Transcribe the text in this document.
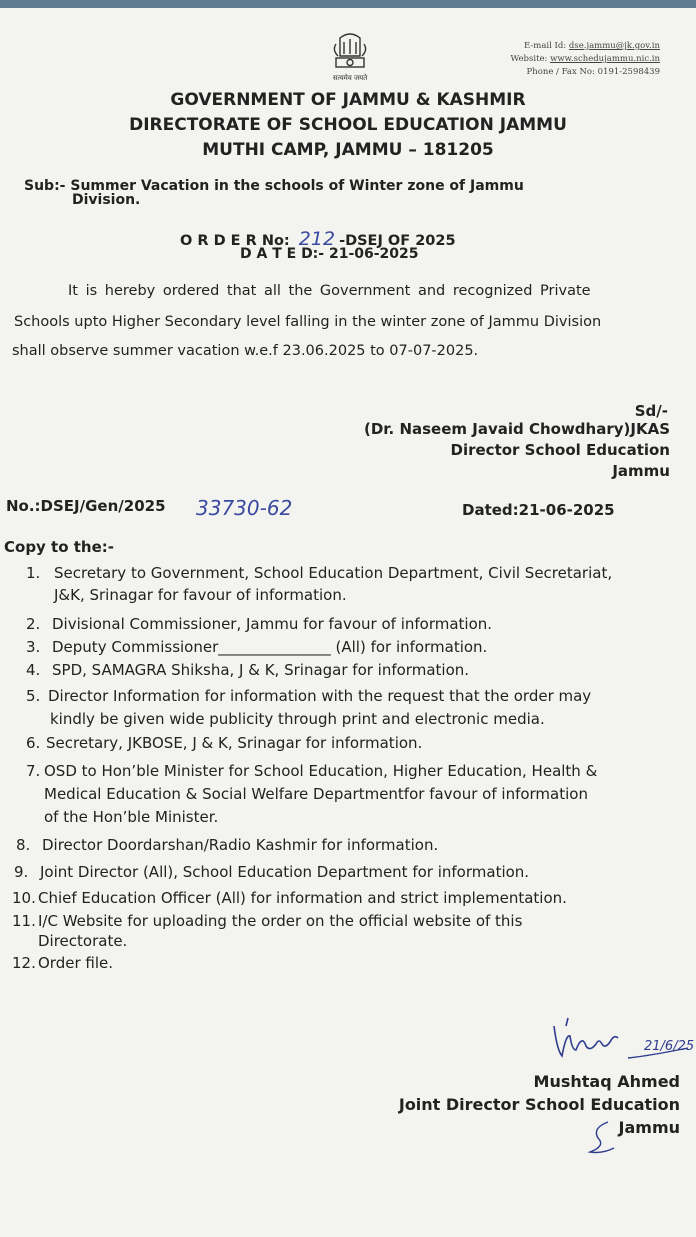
सत्यमेव जयते
E-mail Id: dse.jammu@jk.gov.in
Website: www.schedujammu.nic.in
Phone / Fax No: 0191-2598439
GOVERNMENT OF JAMMU & KASHMIR
DIRECTORATE OF SCHOOL EDUCATION JAMMU
MUTHI CAMP, JAMMU – 181205
Sub:- Summer Vacation in the schools of Winter zone of Jammu
Division.
O R D E R No: 212 -DSEJ OF 2025
D A T E D:- 21-06-2025
It is hereby ordered that all the Government and recognized Private
Schools upto Higher Secondary level falling in the winter zone of Jammu Division
shall observe summer vacation w.e.f 23.06.2025 to 07-07-2025.
Sd/-
(Dr. Naseem Javaid Chowdhary)JKAS
Director School Education
Jammu
No.:DSEJ/Gen/2025 33730-62	Dated:21-06-2025
Copy to the:-
1. Secretary to Government, School Education Department, Civil Secretariat,
J&K, Srinagar for favour of information.
2. Divisional Commissioner, Jammu for favour of information.
3. Deputy Commissioner_______________ (All) for information.
4. SPD, SAMAGRA Shiksha, J & K, Srinagar for information.
5. Director Information for information with the request that the order may
kindly be given wide publicity through print and electronic media.
6. Secretary, JKBOSE, J & K, Srinagar for information.
7. OSD to Hon’ble Minister for School Education, Higher Education, Health &
Medical Education & Social Welfare Departmentfor favour of information
of the Hon’ble Minister.
8. Director Doordarshan/Radio Kashmir for information.
9. Joint Director (All), School Education Department for information.
10. Chief Education Officer (All) for information and strict implementation.
11. I/C Website for uploading the order on the official website of this
Directorate.
12. Order file.
21/6/25
Mushtaq Ahmed
Joint Director School Education
Jammu
